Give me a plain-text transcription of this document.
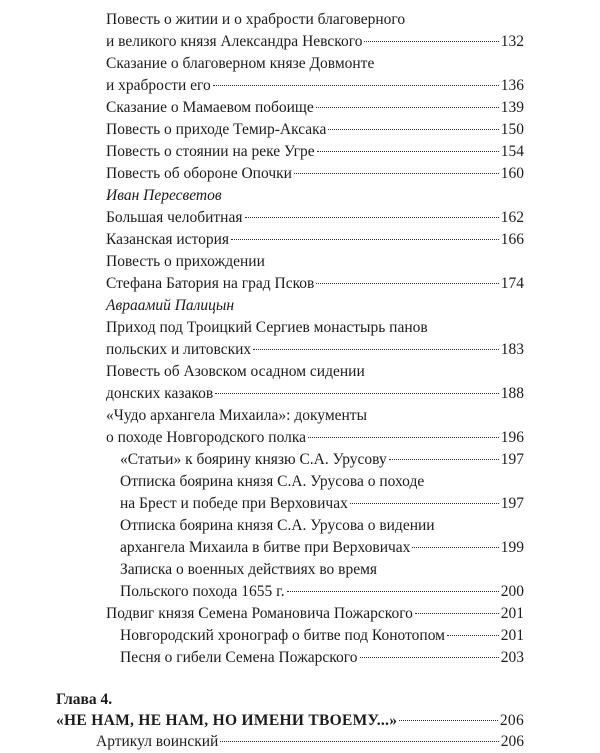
Повесть о житии и о храбрости благоверного
и великого князя Александра Невского	132
Сказание о благоверном князе Довмонте
и храбрости его	136
Сказание о Мамаевом побоище	139
Повесть о приходе Темир-Аксака	150
Повесть о стоянии на реке Угре	154
Повесть об обороне Опочки	160
Иван Пересветов
Большая челобитная	162
Казанская история	166
Повесть о прихождении
Стефана Батория на град Псков	174
Авраамий Палицын
Приход под Троицкий Сергиев монастырь панов
польских и литовских	183
Повесть об Азовском осадном сидении
донских казаков	188
«Чудо архангела Михаила»: документы
о походе Новгородского полка	196
«Статьи» к боярину князю С.А. Урусову	197
Отписка боярина князя С.А. Урусова о походе
на Брест и победе при Верховичах	197
Отписка боярина князя С.А. Урусова о видении
архангела Михаила в битве при Верховичах	199
Записка о военных действиях во время
Польского похода 1655 г.	200
Подвиг князя Семена Романовича Пожарского	201
Новгородский хронограф о битве под Конотопом	201
Песня о гибели Семена Пожарского	203
Глава 4.
«НЕ НАМ, НЕ НАМ, НО ИМЕНИ ТВОЕМУ...»	206
Артикул воинский	206
